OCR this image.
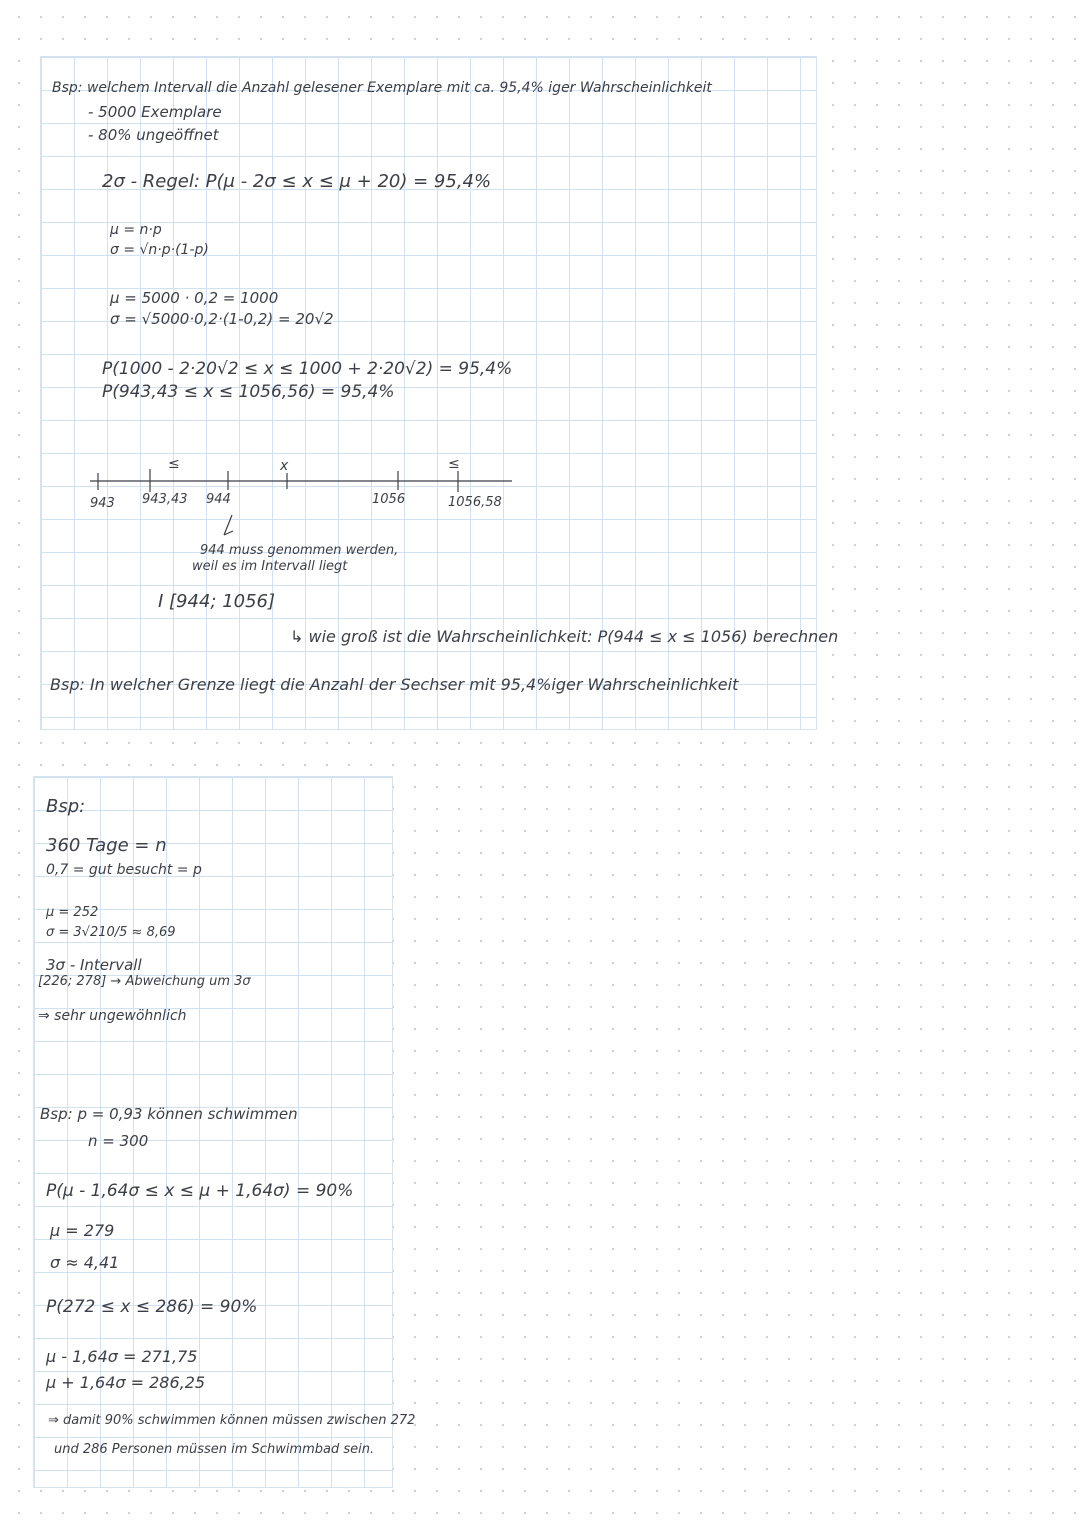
Bsp: welchem Intervall die Anzahl gelesener Exemplare mit ca. 95,4% iger Wahrscheinlichkeit

- 5000 Exemplare

- 80% ungeöffnet

2σ - Regel: P(μ - 2σ ≤ x ≤ μ + 20) = 95,4%

μ = n·p

σ = √n·p·(1-p)

μ = 5000 · 0,2 = 1000

σ = √5000·0,2·(1-0,2) = 20√2

P(1000 - 2·20√2 ≤ x ≤ 1000 + 2·20√2) = 95,4%

P(943,43 ≤ x ≤ 1056,56) = 95,4%

≤	x	≤

943 943,43 944	1056	1056,58

944 muss genommen werden,

weil es im Intervall liegt

I [944; 1056]

↳ wie groß ist die Wahrscheinlichkeit: P(944 ≤ x ≤ 1056) berechnen

Bsp: In welcher Grenze liegt die Anzahl der Sechser mit 95,4%iger Wahrscheinlichkeit

Bsp:

360 Tage = n

0,7 = gut besucht = p

μ = 252

σ = 3√210/5 ≈ 8,69

3σ - Intervall

[226; 278] → Abweichung um 3σ

⇒ sehr ungewöhnlich

Bsp: p = 0,93 können schwimmen

n = 300

P(μ - 1,64σ ≤ x ≤ μ + 1,64σ) = 90%

μ = 279

σ ≈ 4,41

P(272 ≤ x ≤ 286) = 90%

μ - 1,64σ = 271,75

μ + 1,64σ = 286,25

⇒ damit 90% schwimmen können müssen zwischen 272

und 286 Personen müssen im Schwimmbad sein.
